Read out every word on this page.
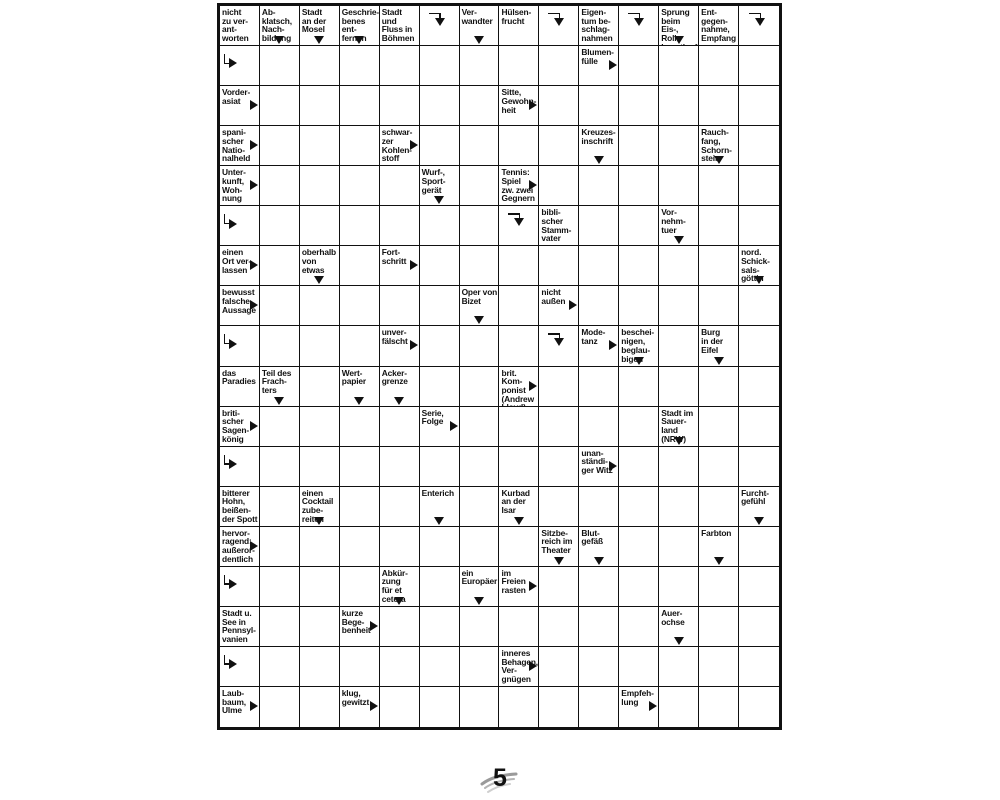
nicht
zu ver-
ant-
worten
Ab-
klatsch,
Nach-
bildung
Stadt
an der
Mosel
Geschrie-
benes
ent-
fernen
Stadt
und
Fluss in
Böhmen
Ver-
wandter
Hülsen-
frucht
Eigen-
tum be-
schlag-
nahmen
Sprung
beim
Eis-, Roll-

Ent-
gegen-
nahme,
Empfang
Blumen-
fülle
Vorder-
asiat
Sitte,
Gewohn-
heit
spani-
scher
Natio-
nalheld
schwar-
zer
Kohlen-
stoff
Kreuzes-
inschrift
Rauch-
fang,
Schorn-
stein
Unter-
kunft,
Woh-
nung
Wurf-,
Sport-
gerät
Tennis:
Spiel
zw. zwei
Gegnern
bibli-
scher
Stamm-
vater
Vor-
nehm-
tuer
einen
Ort ver-
lassen
oberhalb
von
etwas
Fort-
schritt
nord.
Schick-
sals-
göttin
bewusst
falsche
Aussage
Oper von
Bizet
nicht
außen
unver-
fälscht
Mode-
tanz
beschei-
nigen,
beglau-
bigen
Burg
in der
Eifel
das
Paradies
Teil des
Frach-
ters
Wert-
papier
Acker-
grenze
brit. Kom-
ponist
(Andrew

briti-
scher
Sagen-
könig
Serie,
Folge
Stadt im
Sauer-
land
(NRW)
unan-
ständi-
ger Witz
bitterer
Hohn,
beißen-
der Spott
einen
Cocktail
zube-
reiten
Enterich	Kurbad
an der
Isar
Furcht-
gefühl
hervor-
ragend;
außeror-
dentlich
Sitzbe-
reich im
Theater
Blut-
gefäß
Farbton
Abkür-
zung
für et
cetera
ein
Europäer
im
Freien
rasten
Stadt u.
See in
Pennsyl-
vanien
kurze
Bege-
benheit
Auer-
ochse
inneres
Behagen,
Ver-
gnügen
Laub-
baum,
Ulme
klug,
gewitzt
Empfeh-
lung
5
